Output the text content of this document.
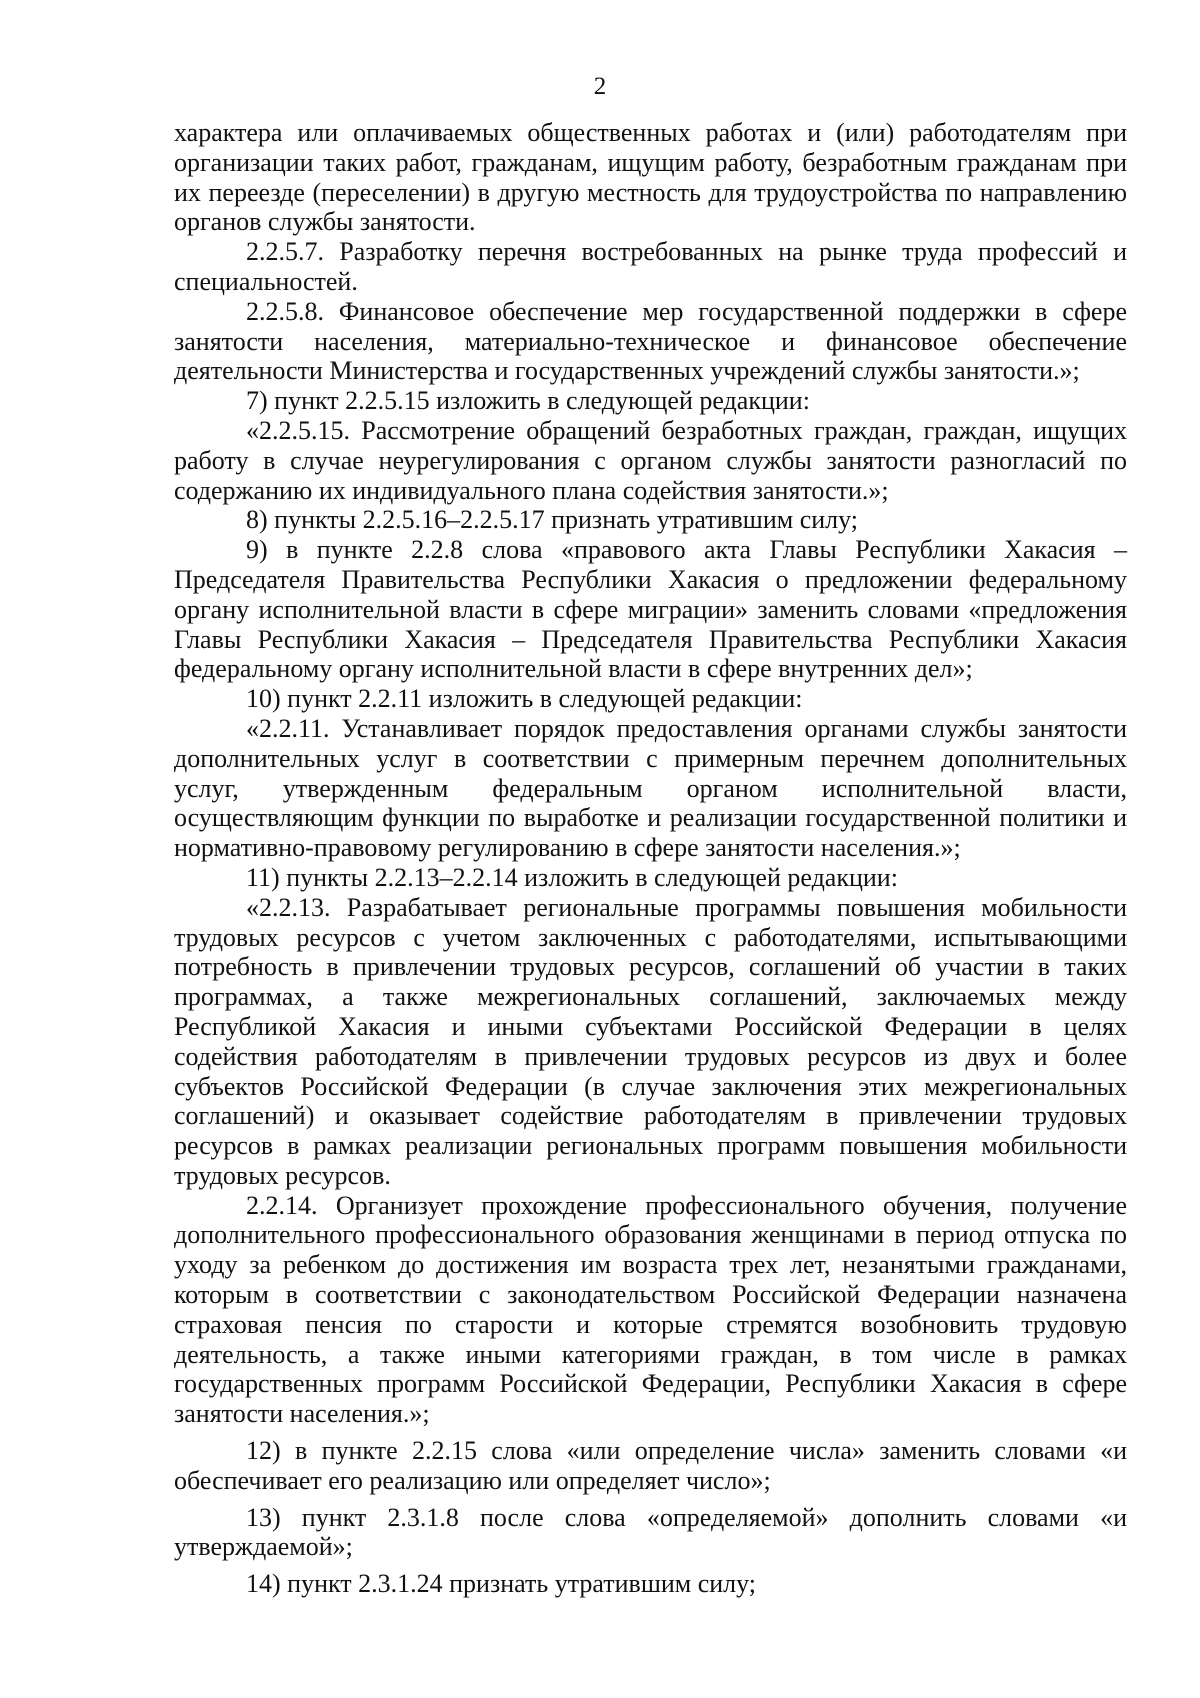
2

характера или оплачиваемых общественных работах и (или) работодателям при организации таких работ, гражданам, ищущим работу, безработным гражданам при их переезде (переселении) в другую местность для трудоустройства по направлению органов службы занятости.

2.2.5.7. Разработку перечня востребованных на рынке труда профессий и специальностей.

2.2.5.8. Финансовое обеспечение мер государственной поддержки в сфере занятости населения, материально-техническое и финансовое обеспечение деятельности Министерства и государственных учреждений службы занятости.»;

7) пункт 2.2.5.15 изложить в следующей редакции:

«2.2.5.15. Рассмотрение обращений безработных граждан, граждан, ищущих работу в случае неурегулирования с органом службы занятости разногласий по содержанию их индивидуального плана содействия занятости.»;

8) пункты 2.2.5.16–2.2.5.17 признать утратившим силу;

9) в пункте 2.2.8 слова «правового акта Главы Республики Хакасия – Председателя Правительства Республики Хакасия о предложении федеральному органу исполнительной власти в сфере миграции» заменить словами «предложения Главы Республики Хакасия – Председателя Правительства Республики Хакасия федеральному органу исполнительной власти в сфере внутренних дел»;

10) пункт 2.2.11 изложить в следующей редакции:

«2.2.11. Устанавливает порядок предоставления органами службы занятости дополнительных услуг в соответствии с примерным перечнем дополнительных услуг, утвержденным федеральным органом исполнительной власти, осуществляющим функции по выработке и реализации государственной политики и нормативно-правовому регулированию в сфере занятости населения.»;

11) пункты 2.2.13–2.2.14 изложить в следующей редакции:

«2.2.13. Разрабатывает региональные программы повышения мобильности трудовых ресурсов с учетом заключенных с работодателями, испытывающими потребность в привлечении трудовых ресурсов, соглашений об участии в таких программах, а также межрегиональных соглашений, заключаемых между Республикой Хакасия и иными субъектами Российской Федерации в целях содействия работодателям в привлечении трудовых ресурсов из двух и более субъектов Российской Федерации (в случае заключения этих межрегиональных соглашений) и оказывает содействие работодателям в привлечении трудовых ресурсов в рамках реализации региональных программ повышения мобильности трудовых ресурсов.

2.2.14. Организует прохождение профессионального обучения, получение дополнительного профессионального образования женщинами в период отпуска по уходу за ребенком до достижения им возраста трех лет, незанятыми гражданами, которым в соответствии с законодательством Российской Федерации назначена страховая пенсия по старости и которые стремятся возобновить трудовую деятельность, а также иными категориями граждан, в том числе в рамках государственных программ Российской Федерации, Республики Хакасия в сфере занятости населения.»;

12) в пункте 2.2.15 слова «или определение числа» заменить словами «и обеспечивает его реализацию или определяет число»;

13) пункт 2.3.1.8 после слова «определяемой» дополнить словами «и утверждаемой»;

14) пункт 2.3.1.24 признать утратившим силу;
